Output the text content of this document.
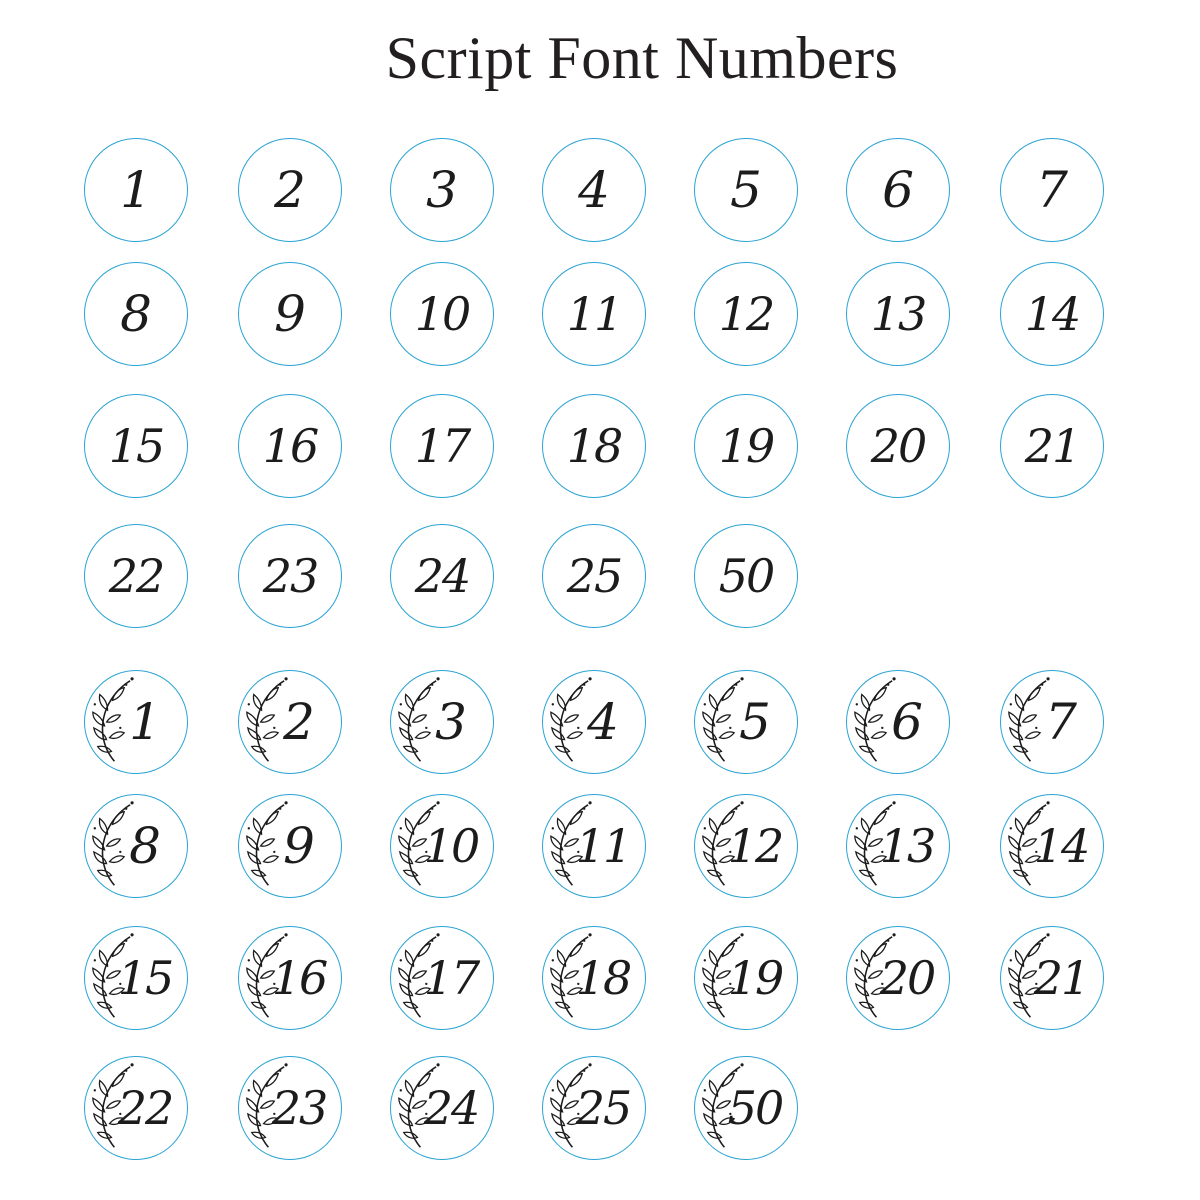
Script Font Numbers
1	2	3	4	5	6	7
8	9	10	11	12	13	14
15	16	17	18	19	20	21
22	23	24	25	50
1	2	3	4	5	6	7
8	9	10	11	12	13	14
15	16	17	18	19	20	21
22	23	24	25	50
